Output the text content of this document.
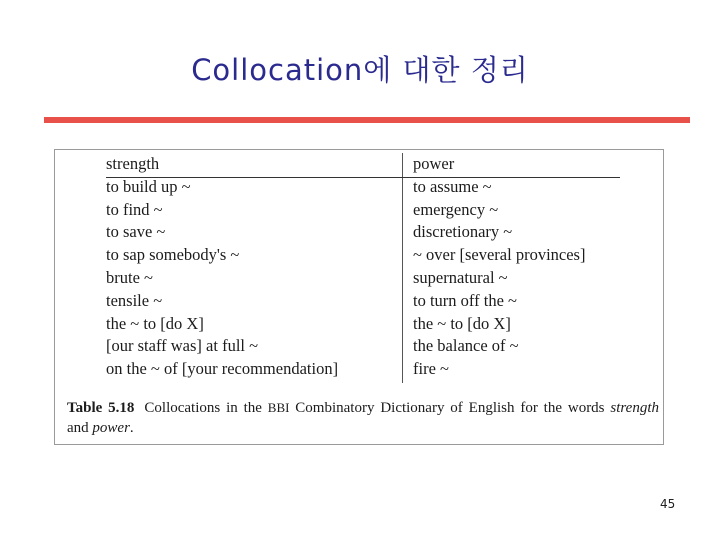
Collocation에 대한 정리
strength
to build up ~
to find ~
to save ~
to sap somebody's ~
brute ~
tensile ~
the ~ to [do X]
[our staff was] at full ~
on the ~ of [your recommendation]
power
to assume ~
emergency ~
discretionary ~
~ over [several provinces]
supernatural ~
to turn off the ~
the ~ to [do X]
the balance of ~
fire ~
Table 5.18 Collocations in the BBI Combinatory Dictionary of English for the words strength and power.
45
